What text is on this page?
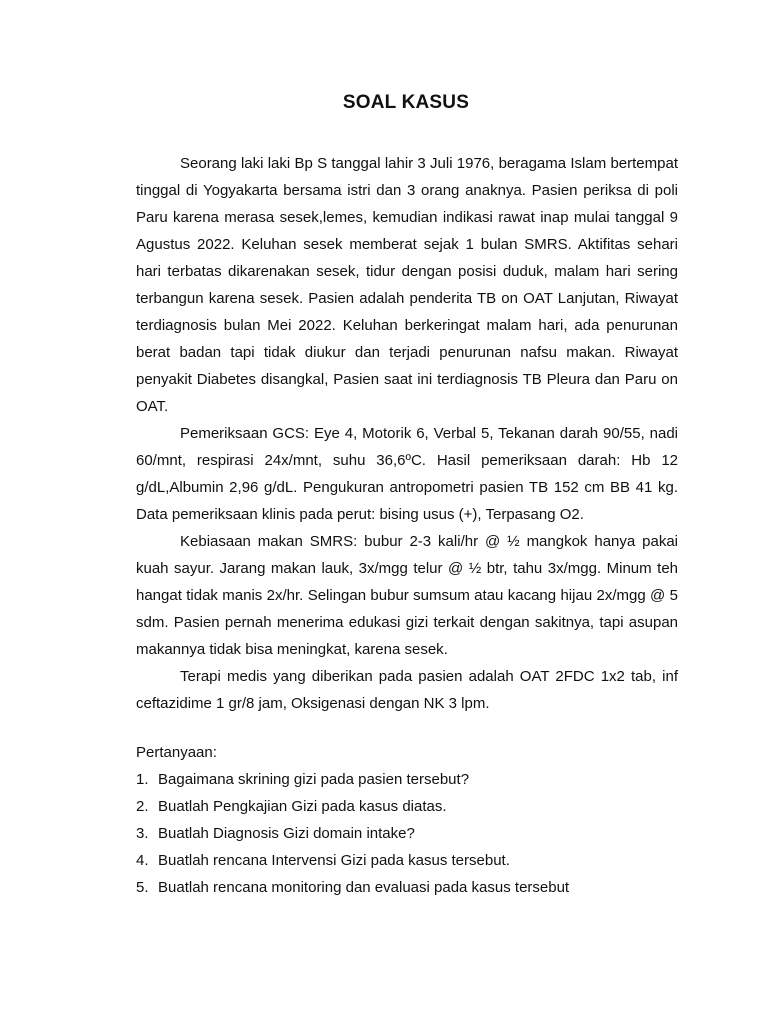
SOAL KASUS

Seorang laki laki Bp S tanggal lahir 3 Juli 1976, beragama Islam bertempat tinggal di Yogyakarta bersama istri dan 3 orang anaknya. Pasien periksa di poli Paru karena merasa sesek,lemes, kemudian indikasi rawat inap mulai tanggal 9 Agustus 2022. Keluhan sesek memberat sejak 1 bulan SMRS. Aktifitas sehari hari terbatas dikarenakan sesek, tidur dengan posisi duduk, malam hari sering terbangun karena sesek. Pasien adalah penderita TB on OAT Lanjutan, Riwayat terdiagnosis bulan Mei 2022. Keluhan berkeringat malam hari, ada penurunan berat badan tapi tidak diukur dan terjadi penurunan nafsu makan. Riwayat penyakit Diabetes disangkal, Pasien saat ini terdiagnosis TB Pleura dan Paru on OAT.

Pemeriksaan GCS: Eye 4, Motorik 6, Verbal 5, Tekanan darah 90/55, nadi 60/mnt, respirasi 24x/mnt, suhu 36,6ºC. Hasil pemeriksaan darah: Hb 12 g/dL,Albumin 2,96 g/dL. Pengukuran antropometri pasien TB 152 cm BB 41 kg. Data pemeriksaan klinis pada perut: bising usus (+), Terpasang O2.

Kebiasaan makan SMRS: bubur 2-3 kali/hr @ ½ mangkok hanya pakai kuah sayur. Jarang makan lauk, 3x/mgg telur @ ½ btr, tahu 3x/mgg. Minum teh hangat tidak manis 2x/hr. Selingan bubur sumsum atau kacang hijau 2x/mgg @ 5 sdm. Pasien pernah menerima edukasi gizi terkait dengan sakitnya, tapi asupan makannya tidak bisa meningkat, karena sesek.

Terapi medis yang diberikan pada pasien adalah OAT 2FDC 1x2 tab, inf ceftazidime 1 gr/8 jam, Oksigenasi dengan NK 3 lpm.

Pertanyaan:

1. Bagaimana skrining gizi pada pasien tersebut?
2. Buatlah Pengkajian Gizi pada kasus diatas.
3. Buatlah Diagnosis Gizi domain intake?
4. Buatlah rencana Intervensi Gizi pada kasus tersebut.
5. Buatlah rencana monitoring dan evaluasi pada kasus tersebut
